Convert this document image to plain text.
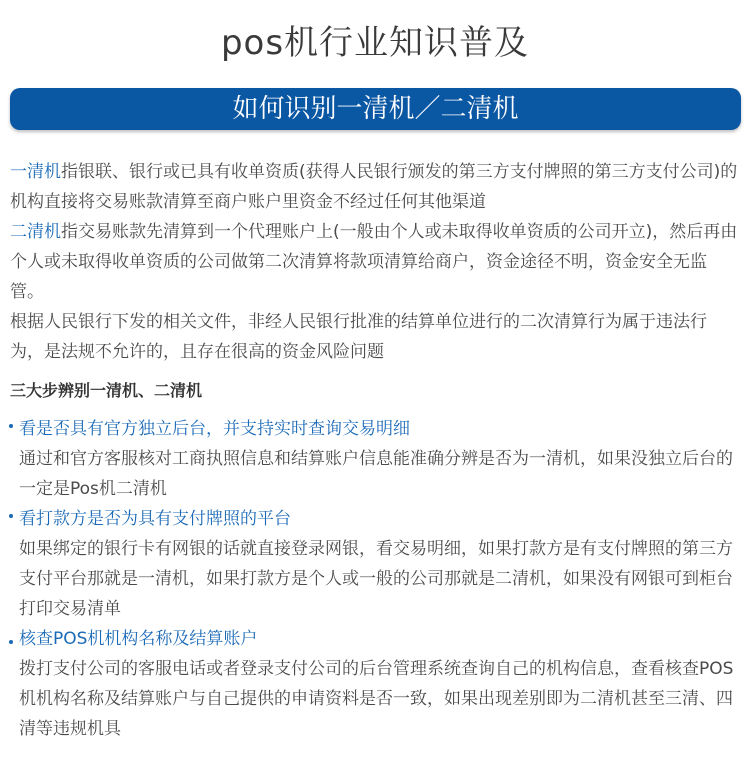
pos机行业知识普及
如何识别一清机／二清机

一清机指银联、银行或已具有收单资质(获得人民银行颁发的第三方支付牌照的第三方支付公司)的机构直接将交易账款清算至商户账户里资金不经过任何其他渠道

二清机指交易账款先清算到一个代理账户上(一般由个人或未取得收单资质的公司开立)，然后再由个人或未取得收单资质的公司做第二次清算将款项清算给商户，资金途径不明，资金安全无监管。

根据人民银行下发的相关文件，非经人民银行批准的结算单位进行的二次清算行为属于违法行为，是法规不允许的，且存在很高的资金风险问题

三大步辨别一清机、二清机
看是否具有官方独立后台，并支持实时查询交易明细

通过和官方客服核对工商执照信息和结算账户信息能准确分辨是否为一清机，如果没独立后台的一定是Pos机二清机

看打款方是否为具有支付牌照的平台

如果绑定的银行卡有网银的话就直接登录网银，看交易明细，如果打款方是有支付牌照的第三方支付平台那就是一清机，如果打款方是个人或一般的公司那就是二清机，如果没有网银可到柜台打印交易清单

核查POS机机构名称及结算账户

拨打支付公司的客服电话或者登录支付公司的后台管理系统查询自己的机构信息，查看核查POS机机构名称及结算账户与自己提供的申请资料是否一致，如果出现差别即为二清机甚至三清、四清等违规机具
